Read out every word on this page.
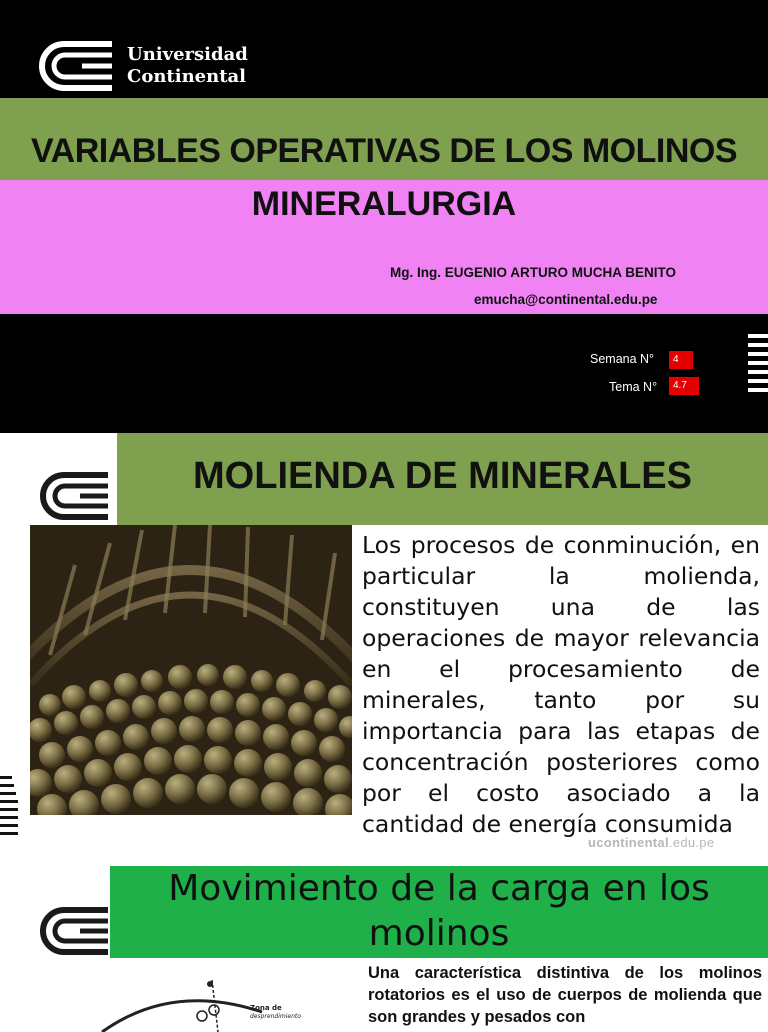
Universidad
Continental
VARIABLES OPERATIVAS DE LOS MOLINOS
MINERALURGIA
Mg. Ing. EUGENIO ARTURO MUCHA BENITO
emucha@continental.edu.pe
Semana N°	4
Tema N°	4.7
MOLIENDA DE MINERALES
Los procesos de conminución, en particular la molienda, constituyen una de las operaciones de mayor relevancia en el procesamiento de minerales, tanto por su importancia para las etapas de concentración posteriores como por el costo asociado a la cantidad de energía consumida
ucontinental.edu.pe
Movimiento de la carga en los molinos
Zona de
desprendimiento
Una característica distintiva de los molinos rotatorios es el uso de cuerpos de molienda que son grandes y pesados con
